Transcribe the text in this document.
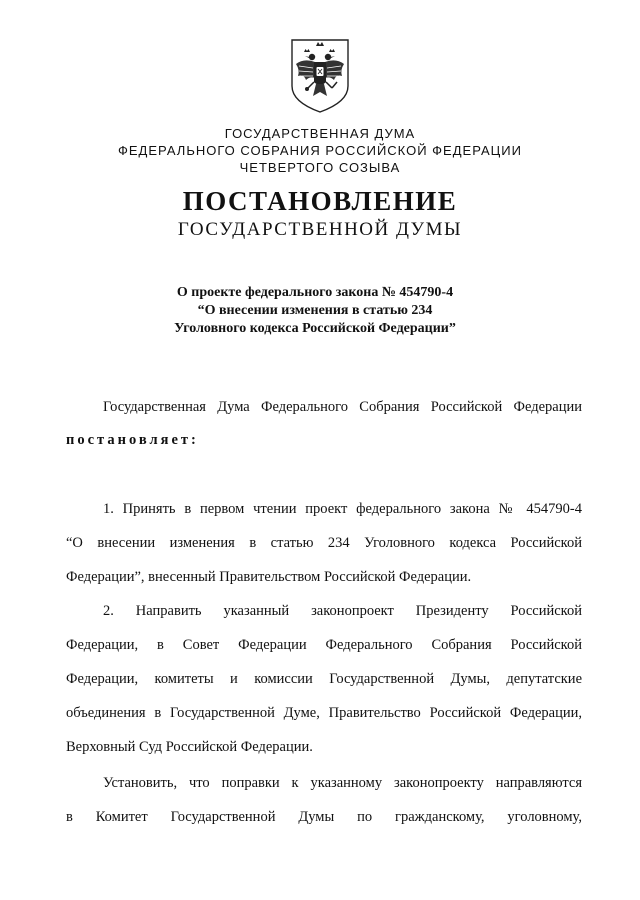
ГОСУДАРСТВЕННАЯ ДУМА
ФЕДЕРАЛЬНОГО СОБРАНИЯ РОССИЙСКОЙ ФЕДЕРАЦИИ
ЧЕТВЕРТОГО СОЗЫВА
ПОСТАНОВЛЕНИЕ
ГОСУДАРСТВЕННОЙ ДУМЫ
О проекте федерального закона № 454790-4
“О внесении изменения в статью 234
Уголовного кодекса Российской Федерации”
Государственная Дума Федерального Собрания Российской Федерации
постановляет:
1. Принять в первом чтении проект федерального закона № 454790-4
“О внесении изменения в статью 234 Уголовного кодекса Российской
Федерации”, внесенный Правительством Российской Федерации.
2. Направить указанный законопроект Президенту Российской
Федерации, в Совет Федерации Федерального Собрания Российской
Федерации, комитеты и комиссии Государственной Думы, депутатские
объединения в Государственной Думе, Правительство Российской Федерации,
Верховный Суд Российской Федерации.
Установить, что поправки к указанному законопроекту направляются
в Комитет Государственной Думы по гражданскому, уголовному,
